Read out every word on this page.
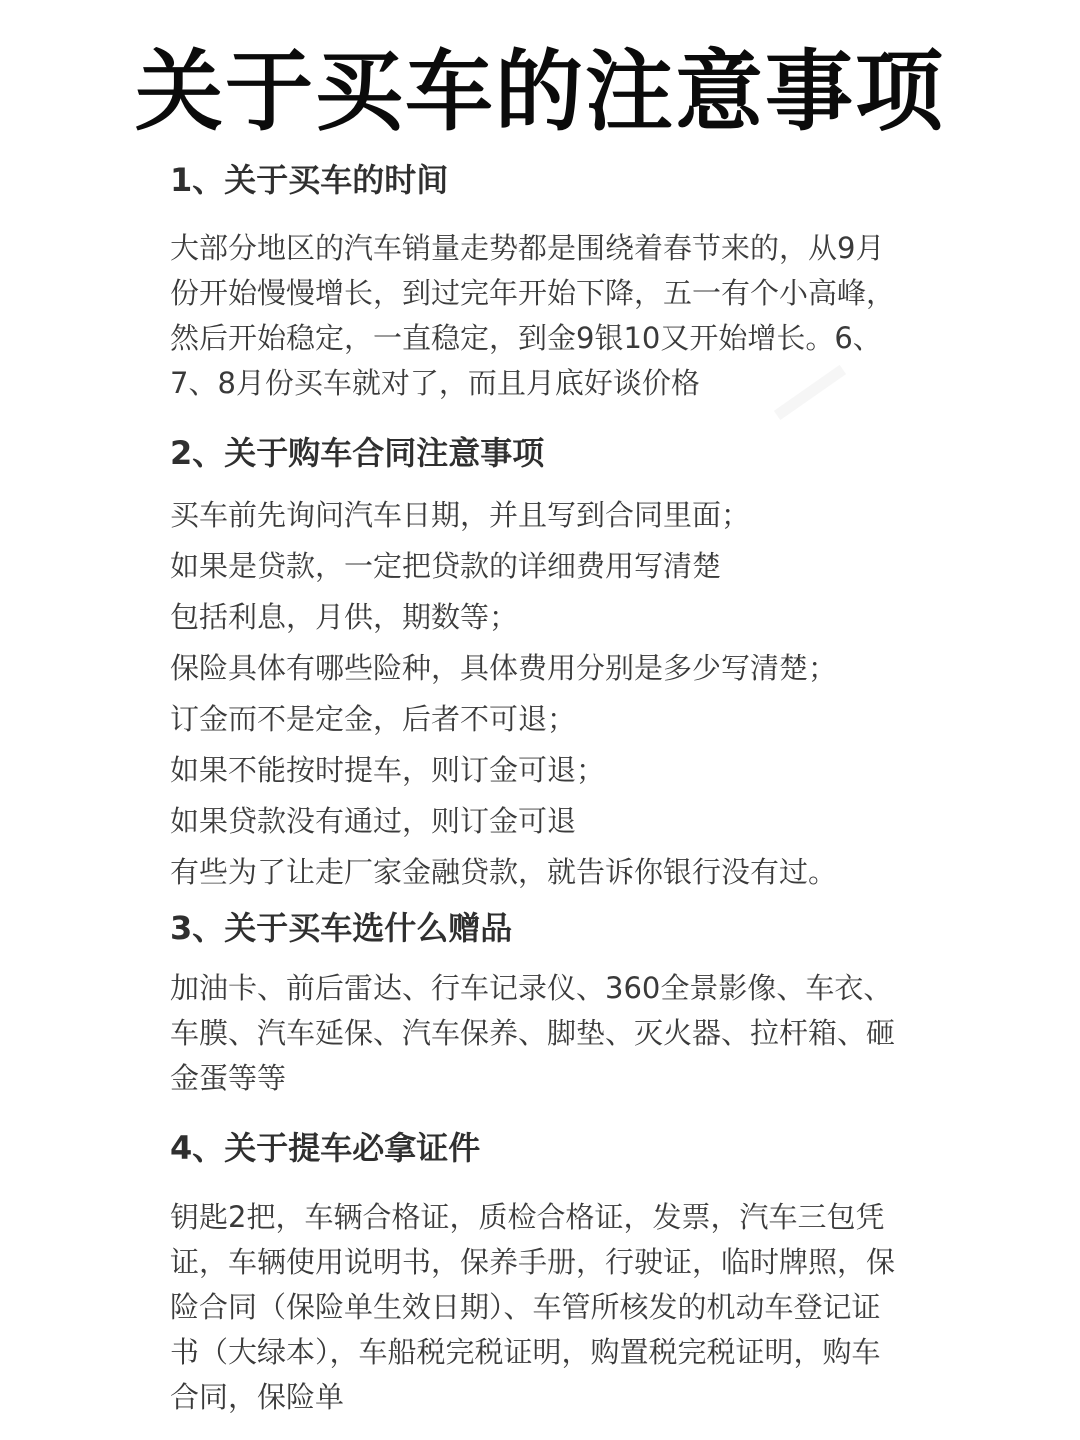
关于买车的注意事项
1、关于买车的时间
大部分地区的汽车销量走势都是围绕着春节来的，从9月
份开始慢慢增长，到过完年开始下降，五一有个小高峰，
然后开始稳定，一直稳定，到金9银10又开始增长。6、
7、8月份买车就对了，而且月底好谈价格
2、关于购车合同注意事项
买车前先询问汽车日期，并且写到合同里面；
如果是贷款，一定把贷款的详细费用写清楚
包括利息，月供，期数等；
保险具体有哪些险种，具体费用分别是多少写清楚；
订金而不是定金，后者不可退；
如果不能按时提车，则订金可退；
如果贷款没有通过，则订金可退
有些为了让走厂家金融贷款，就告诉你银行没有过。
3、关于买车选什么赠品
加油卡、前后雷达、行车记录仪、360全景影像、车衣、
车膜、汽车延保、汽车保养、脚垫、灭火器、拉杆箱、砸
金蛋等等
4、关于提车必拿证件
钥匙2把，车辆合格证，质检合格证，发票，汽车三包凭
证，车辆使用说明书，保养手册，行驶证，临时牌照，保
险合同（保险单生效日期）、车管所核发的机动车登记证
书（大绿本），车船税完税证明，购置税完税证明，购车
合同，保险单
